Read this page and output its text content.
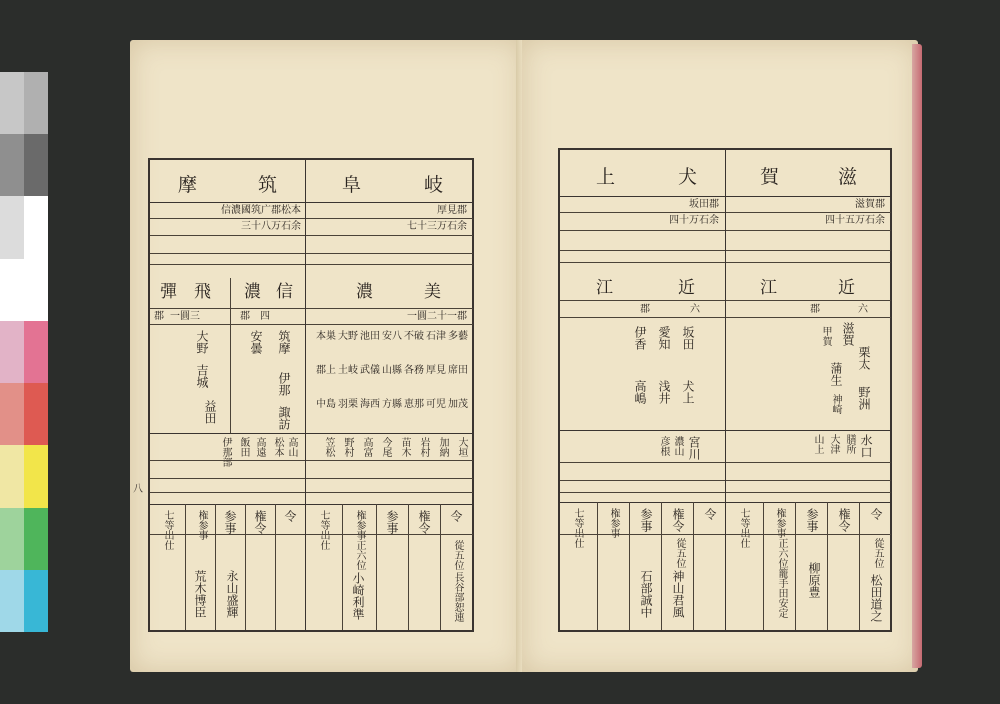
八
筑
摩
信濃國筑广郡松本
三十八万石余
信
濃
飛
彈
四
郡
一圓三
郡
筑摩
伊那
諏訪
安曇
大野
吉城
益田
高山
松本
高遠
飯田
伊那部
令
権令
参事
権参事
七等出仕
永山盛輝
荒木博臣
岐
阜
厚見郡
七十三万石余
美
濃
一圓二十一郡
多藝
石津
不破
安八
池田
大野
本巣
席田
厚見
各務
山縣
武儀
土岐
郡上
加茂
可児
恵那
方縣
海西
羽栗
中島
大垣
加納
岩村
苗木
今尾
高富
野村
笠松
令
権令
参事
権参事
七等出仕
從五位
長谷部恕連
正六位
小崎利準
犬
上
坂田郡
四十万石余
近
江
六
郡
坂田
犬上
愛知
浅井
伊香
高嶋
宮川
濃山
彦根
令
権令
参事
権参事
七等出仕
從五位
神山君風
石部誠中
滋
賀
滋賀郡
四十五万石余
近
江
六
郡
滋賀
栗太
野洲
甲賀
蒲生
神崎
水口
膳所
大津
山上
令
権令
参事
権参事
七等出仕
從五位
松田道之
正六位
籠手田安定 柳原豊
